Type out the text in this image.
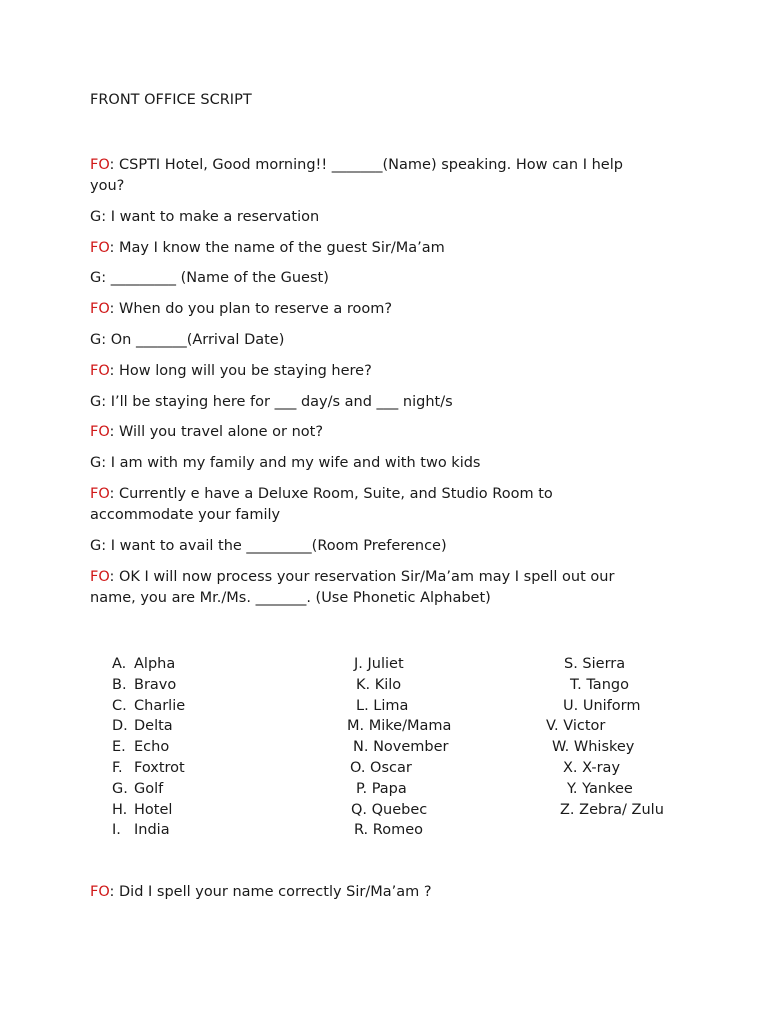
FRONT OFFICE SCRIPT

FO: CSPTI Hotel, Good morning!! _______(Name) speaking. How can I help you?

G: I want to make a reservation

FO: May I know the name of the guest Sir/Ma’am

G: _________ (Name of the Guest)

FO: When do you plan to reserve a room?

G: On _______(Arrival Date)

FO: How long will you be staying here?

G: I’ll be staying here for ___ day/s and ___ night/s

FO: Will you travel alone or not?

G: I am with my family and my wife and with two kids

FO: Currently e have a Deluxe Room, Suite, and Studio Room to accommodate your family

G: I want to avail the _________(Room Preference)

FO: OK I will now process your reservation Sir/Ma’am may I spell out our name, you are Mr./Ms. _______. (Use Phonetic Alphabet)

A. Alpha
B. Bravo
C. Charlie
D. Delta
E. Echo
F. Foxtrot
G. Golf
H. Hotel
I. India
J. Juliet
K. Kilo
L. Lima
M. Mike/Mama
N. November
O. Oscar
P. Papa
Q. Quebec
R. Romeo
S. Sierra
T. Tango
U. Uniform
V. Victor
W. Whiskey
X. X-ray
Y. Yankee
Z. Zebra/ Zulu
FO: Did I spell your name correctly Sir/Ma’am ?
